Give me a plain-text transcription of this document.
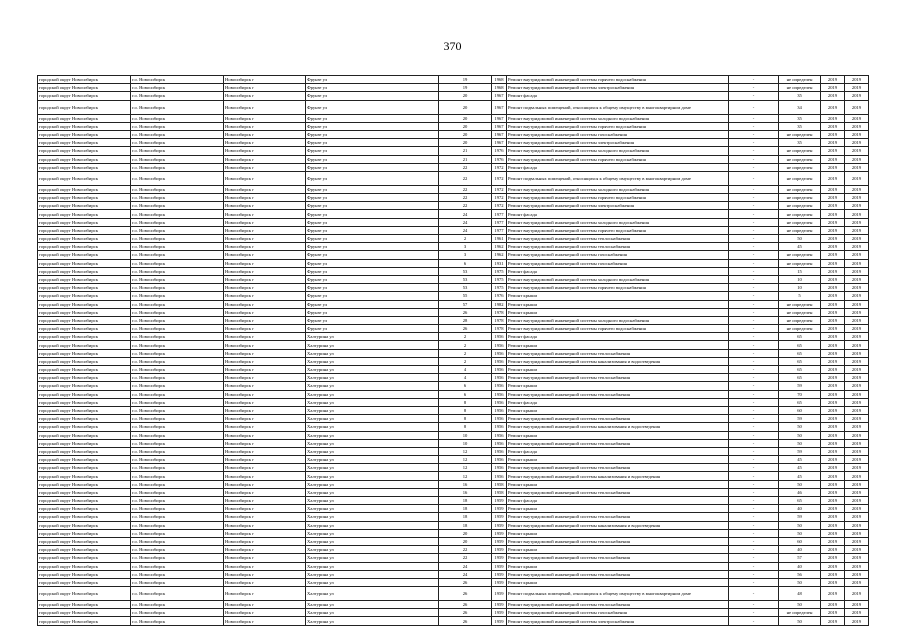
370
городской округ Новосибирск	г.о. Новосибирск	Новосибирск г	Фрунзе ул	19	1968	Ремонт внутридомовой инженерной системы горячего водоснабжения	-	не определен	2019	2019
городской округ Новосибирск	г.о. Новосибирск	Новосибирск г	Фрунзе ул	19	1968	Ремонт внутридомовой инженерной системы электроснабжения	-	не определен	2019	2019
городской округ Новосибирск	г.о. Новосибирск	Новосибирск г	Фрунзе ул	20	1967	Ремонт фасада	-	35	2019	2019
городской округ Новосибирск	г.о. Новосибирск	Новосибирск г	Фрунзе ул	20	1967	Ремонт подвальных помещений, относящихся к общему имуществу в многоквартирном доме	-	34	2019	2019
городской округ Новосибирск	г.о. Новосибирск	Новосибирск г	Фрунзе ул	20	1967	Ремонт внутридомовой инженерной системы холодного водоснабжения	-	35	2019	2019
городской округ Новосибирск	г.о. Новосибирск	Новосибирск г	Фрунзе ул	20	1967	Ремонт внутридомовой инженерной системы горячего водоснабжения	-	35	2019	2019
городской округ Новосибирск	г.о. Новосибирск	Новосибирск г	Фрунзе ул	20	1967	Ремонт внутридомовой инженерной системы газоснабжения	-	не определен	2019	2019
городской округ Новосибирск	г.о. Новосибирск	Новосибирск г	Фрунзе ул	20	1967	Ремонт внутридомовой инженерной системы электроснабжения	-	35	2019	2019
городской округ Новосибирск	г.о. Новосибирск	Новосибирск г	Фрунзе ул	21	1976	Ремонт внутридомовой инженерной системы холодного водоснабжения	-	не определен	2019	2019
городской округ Новосибирск	г.о. Новосибирск	Новосибирск г	Фрунзе ул	21	1976	Ремонт внутридомовой инженерной системы горячего водоснабжения	-	не определен	2019	2019
городской округ Новосибирск	г.о. Новосибирск	Новосибирск г	Фрунзе ул	22	1972	Ремонт фасада	-	не определен	2019	2019
городской округ Новосибирск	г.о. Новосибирск	Новосибирск г	Фрунзе ул	22	1972	Ремонт подвальных помещений, относящихся к общему имуществу в многоквартирном доме	-	не определен	2019	2019
городской округ Новосибирск	г.о. Новосибирск	Новосибирск г	Фрунзе ул	22	1972	Ремонт внутридомовой инженерной системы холодного водоснабжения	-	не определен	2019	2019
городской округ Новосибирск	г.о. Новосибирск	Новосибирск г	Фрунзе ул	22	1972	Ремонт внутридомовой инженерной системы горячего водоснабжения	-	не определен	2019	2019
городской округ Новосибирск	г.о. Новосибирск	Новосибирск г	Фрунзе ул	22	1972	Ремонт внутридомовой инженерной системы электроснабжения	-	не определен	2019	2019
городской округ Новосибирск	г.о. Новосибирск	Новосибирск г	Фрунзе ул	24	1977	Ремонт фасада	-	не определен	2019	2019
городской округ Новосибирск	г.о. Новосибирск	Новосибирск г	Фрунзе ул	24	1977	Ремонт внутридомовой инженерной системы холодного водоснабжения	-	не определен	2019	2019
городской округ Новосибирск	г.о. Новосибирск	Новосибирск г	Фрунзе ул	24	1977	Ремонт внутридомовой инженерной системы горячего водоснабжения	-	не определен	2019	2019
городской округ Новосибирск	г.о. Новосибирск	Новосибирск г	Фрунзе ул	2	1961	Ремонт внутридомовой инженерной системы теплоснабжения	-	50	2019	2019
городской округ Новосибирск	г.о. Новосибирск	Новосибирск г	Фрунзе ул	3	1962	Ремонт внутридомовой инженерной системы теплоснабжения	-	45	2019	2019
городской округ Новосибирск	г.о. Новосибирск	Новосибирск г	Фрунзе ул	3	1962	Ремонт внутридомовой инженерной системы газоснабжения	-	не определен	2019	2019
городской округ Новосибирск	г.о. Новосибирск	Новосибирск г	Фрунзе ул	6	1931	Ремонт внутридомовой инженерной системы газоснабжения	-	не определен	2019	2019
городской округ Новосибирск	г.о. Новосибирск	Новосибирск г	Фрунзе ул	53	1975	Ремонт фасада	-	15	2019	2019
городской округ Новосибирск	г.о. Новосибирск	Новосибирск г	Фрунзе ул	53	1975	Ремонт внутридомовой инженерной системы холодного водоснабжения	-	10	2019	2019
городской округ Новосибирск	г.о. Новосибирск	Новосибирск г	Фрунзе ул	53	1975	Ремонт внутридомовой инженерной системы горячего водоснабжения	-	10	2019	2019
городской округ Новосибирск	г.о. Новосибирск	Новосибирск г	Фрунзе ул	55	1976	Ремонт крыши	-	5	2019	2019
городской округ Новосибирск	г.о. Новосибирск	Новосибирск г	Фрунзе ул	57	1982	Ремонт крыши	-	не определен	2019	2019
городской округ Новосибирск	г.о. Новосибирск	Новосибирск г	Фрунзе ул	26	1978	Ремонт крыши	-	не определен	2019	2019
городской округ Новосибирск	г.о. Новосибирск	Новосибирск г	Фрунзе ул	28	1978	Ремонт внутридомовой инженерной системы холодного водоснабжения	-	не определен	2019	2019
городской округ Новосибирск	г.о. Новосибирск	Новосибирск г	Фрунзе ул	26	1978	Ремонт внутридомовой инженерной системы горячего водоснабжения	-	не определен	2019	2019
городской округ Новосибирск	г.о. Новосибирск	Новосибирск г	Халтурина ул	2	1956	Ремонт фасада	-	65	2019	2019
городской округ Новосибирск	г.о. Новосибирск	Новосибирск г	Халтурина ул	2	1956	Ремонт крыши	-	65	2019	2019
городской округ Новосибирск	г.о. Новосибирск	Новосибирск г	Халтурина ул	2	1956	Ремонт внутридомовой инженерной системы теплоснабжения	-	65	2019	2019
городской округ Новосибирск	г.о. Новосибирск	Новосибирск г	Халтурина ул	2	1956	Ремонт внутридомовой инженерной системы канализования и водоотведения	-	65	2019	2019
городской округ Новосибирск	г.о. Новосибирск	Новосибирск г	Халтурина ул	4	1956	Ремонт крыши	-	65	2019	2019
городской округ Новосибирск	г.о. Новосибирск	Новосибирск г	Халтурина ул	4	1956	Ремонт внутридомовой инженерной системы теплоснабжения	-	65	2019	2019
городской округ Новосибирск	г.о. Новосибирск	Новосибирск г	Халтурина ул	6	1956	Ремонт крыши	-	59	2019	2019
городской округ Новосибирск	г.о. Новосибирск	Новосибирск г	Халтурина ул	6	1956	Ремонт внутридомовой инженерной системы теплоснабжения	-	70	2019	2019
городской округ Новосибирск	г.о. Новосибирск	Новосибирск г	Халтурина ул	8	1956	Ремонт фасада	-	65	2019	2019
городской округ Новосибирск	г.о. Новосибирск	Новосибирск г	Халтурина ул	8	1956	Ремонт крыши	-	60	2019	2019
городской округ Новосибирск	г.о. Новосибирск	Новосибирск г	Халтурина ул	8	1956	Ремонт внутридомовой инженерной системы теплоснабжения	-	59	2019	2019
городской округ Новосибирск	г.о. Новосибирск	Новосибирск г	Халтурина ул	8	1956	Ремонт внутридомовой инженерной системы канализования и водоотведения	-	50	2019	2019
городской округ Новосибирск	г.о. Новосибирск	Новосибирск г	Халтурина ул	10	1956	Ремонт крыши	-	50	2019	2019
городской округ Новосибирск	г.о. Новосибирск	Новосибирск г	Халтурина ул	10	1956	Ремонт внутридомовой инженерной системы теплоснабжения	-	50	2019	2019
городской округ Новосибирск	г.о. Новосибирск	Новосибирск г	Халтурина ул	12	1956	Ремонт фасада	-	59	2019	2019
городской округ Новосибирск	г.о. Новосибирск	Новосибирск г	Халтурина ул	12	1956	Ремонт крыши	-	45	2019	2019
городской округ Новосибирск	г.о. Новосибирск	Новосибирск г	Халтурина ул	12	1956	Ремонт внутридомовой инженерной системы теплоснабжения	-	45	2019	2019
городской округ Новосибирск	г.о. Новосибирск	Новосибирск г	Халтурина ул	12	1956	Ремонт внутридомовой инженерной системы канализования и водоотведения	-	45	2019	2019
городской округ Новосибирск	г.о. Новосибирск	Новосибирск г	Халтурина ул	16	1958	Ремонт крыши	-	50	2019	2019
городской округ Новосибирск	г.о. Новосибирск	Новосибирск г	Халтурина ул	16	1958	Ремонт внутридомовой инженерной системы теплоснабжения	-	46	2019	2019
городской округ Новосибирск	г.о. Новосибирск	Новосибирск г	Халтурина ул	18	1959	Ремонт фасада	-	65	2019	2019
городской округ Новосибирск	г.о. Новосибирск	Новосибирск г	Халтурина ул	18	1959	Ремонт крыши	-	40	2019	2019
городской округ Новосибирск	г.о. Новосибирск	Новосибирск г	Халтурина ул	18	1959	Ремонт внутридомовой инженерной системы теплоснабжения	-	59	2019	2019
городской округ Новосибирск	г.о. Новосибирск	Новосибирск г	Халтурина ул	18	1959	Ремонт внутридомовой инженерной системы канализования и водоотведения	-	50	2019	2019
городской округ Новосибирск	г.о. Новосибирск	Новосибирск г	Халтурина ул	20	1959	Ремонт крыши	-	50	2019	2019
городской округ Новосибирск	г.о. Новосибирск	Новосибирск г	Халтурина ул	20	1959	Ремонт внутридомовой инженерной системы теплоснабжения	-	60	2019	2019
городской округ Новосибирск	г.о. Новосибирск	Новосибирск г	Халтурина ул	22	1959	Ремонт крыши	-	40	2019	2019
городской округ Новосибирск	г.о. Новосибирск	Новосибирск г	Халтурина ул	22	1959	Ремонт внутридомовой инженерной системы теплоснабжения	-	57	2019	2019
городской округ Новосибирск	г.о. Новосибирск	Новосибирск г	Халтурина ул	24	1959	Ремонт крыши	-	40	2019	2019
городской округ Новосибирск	г.о. Новосибирск	Новосибирск г	Халтурина ул	24	1959	Ремонт внутридомовой инженерной системы теплоснабжения	-	56	2019	2019
городской округ Новосибирск	г.о. Новосибирск	Новосибирск г	Халтурина ул	26	1959	Ремонт крыши	-	50	2019	2019
городской округ Новосибирск	г.о. Новосибирск	Новосибирск г	Халтурина ул	26	1959	Ремонт подвальных помещений, относящихся к общему имуществу в многоквартирном доме	-	48	2019	2019
городской округ Новосибирск	г.о. Новосибирск	Новосибирск г	Халтурина ул	26	1959	Ремонт внутридомовой инженерной системы теплоснабжения	-	50	2019	2019
городской округ Новосибирск	г.о. Новосибирск	Новосибирск г	Халтурина ул	26	1959	Ремонт внутридомовой инженерной системы газоснабжения	-	не определен	2019	2019
городской округ Новосибирск	г.о. Новосибирск	Новосибирск г	Халтурина ул	26	1959	Ремонт внутридомовой инженерной системы электроснабжения	-	50	2019	2019
